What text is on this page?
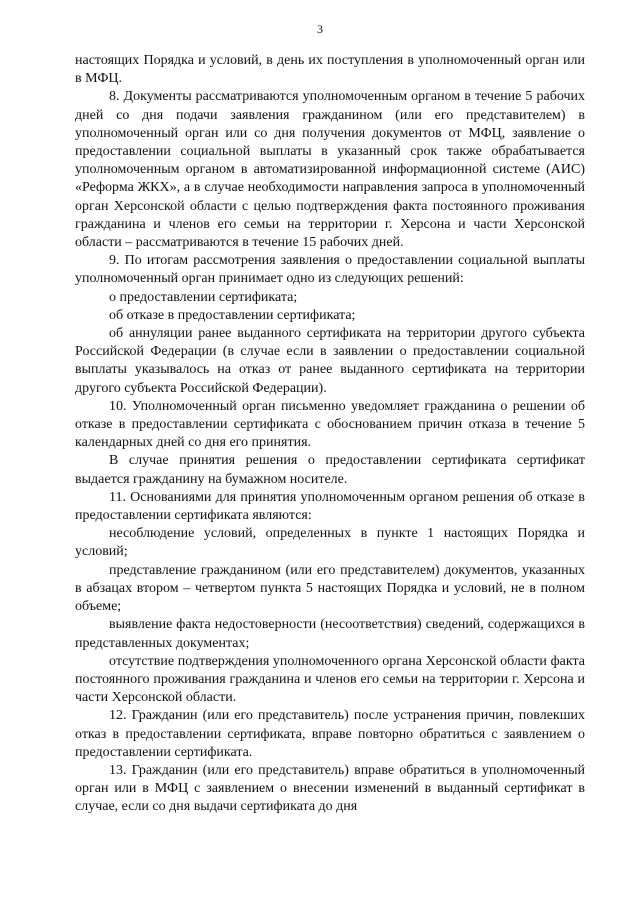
3

настоящих Порядка и условий, в день их поступления в уполномоченный орган или в МФЦ.

8. Документы рассматриваются уполномоченным органом в течение 5 рабочих дней со дня подачи заявления гражданином (или его представителем) в уполномоченный орган или со дня получения документов от МФЦ, заявление о предоставлении социальной выплаты в указанный срок также обрабатывается уполномоченным органом в автоматизированной информационной системе (АИС) «Реформа ЖКХ», а в случае необходимости направления запроса в уполномоченный орган Херсонской области с целью подтверждения факта постоянного проживания гражданина и членов его семьи на территории г. Херсона и части Херсонской области – рассматриваются в течение 15 рабочих дней.

9. По итогам рассмотрения заявления о предоставлении социальной выплаты уполномоченный орган принимает одно из следующих решений:

о предоставлении сертификата;

об отказе в предоставлении сертификата;

об аннуляции ранее выданного сертификата на территории другого субъекта Российской Федерации (в случае если в заявлении о предоставлении социальной выплаты указывалось на отказ от ранее выданного сертификата на территории другого субъекта Российской Федерации).

10. Уполномоченный орган письменно уведомляет гражданина о решении об отказе в предоставлении сертификата с обоснованием причин отказа в течение 5 календарных дней со дня его принятия.

В случае принятия решения о предоставлении сертификата сертификат выдается гражданину на бумажном носителе.

11. Основаниями для принятия уполномоченным органом решения об отказе в предоставлении сертификата являются:

несоблюдение условий, определенных в пункте 1 настоящих Порядка и условий;

представление гражданином (или его представителем) документов, указанных в абзацах втором – четвертом пункта 5 настоящих Порядка и условий, не в полном объеме;

выявление факта недостоверности (несоответствия) сведений, содержащихся в представленных документах;

отсутствие подтверждения уполномоченного органа Херсонской области факта постоянного проживания гражданина и членов его семьи на территории г. Херсона и части Херсонской области.

12. Гражданин (или его представитель) после устранения причин, повлекших отказ в предоставлении сертификата, вправе повторно обратиться с заявлением о предоставлении сертификата.

13. Гражданин (или его представитель) вправе обратиться в уполномоченный орган или в МФЦ с заявлением о внесении изменений в выданный сертификат в случае, если со дня выдачи сертификата до дня
